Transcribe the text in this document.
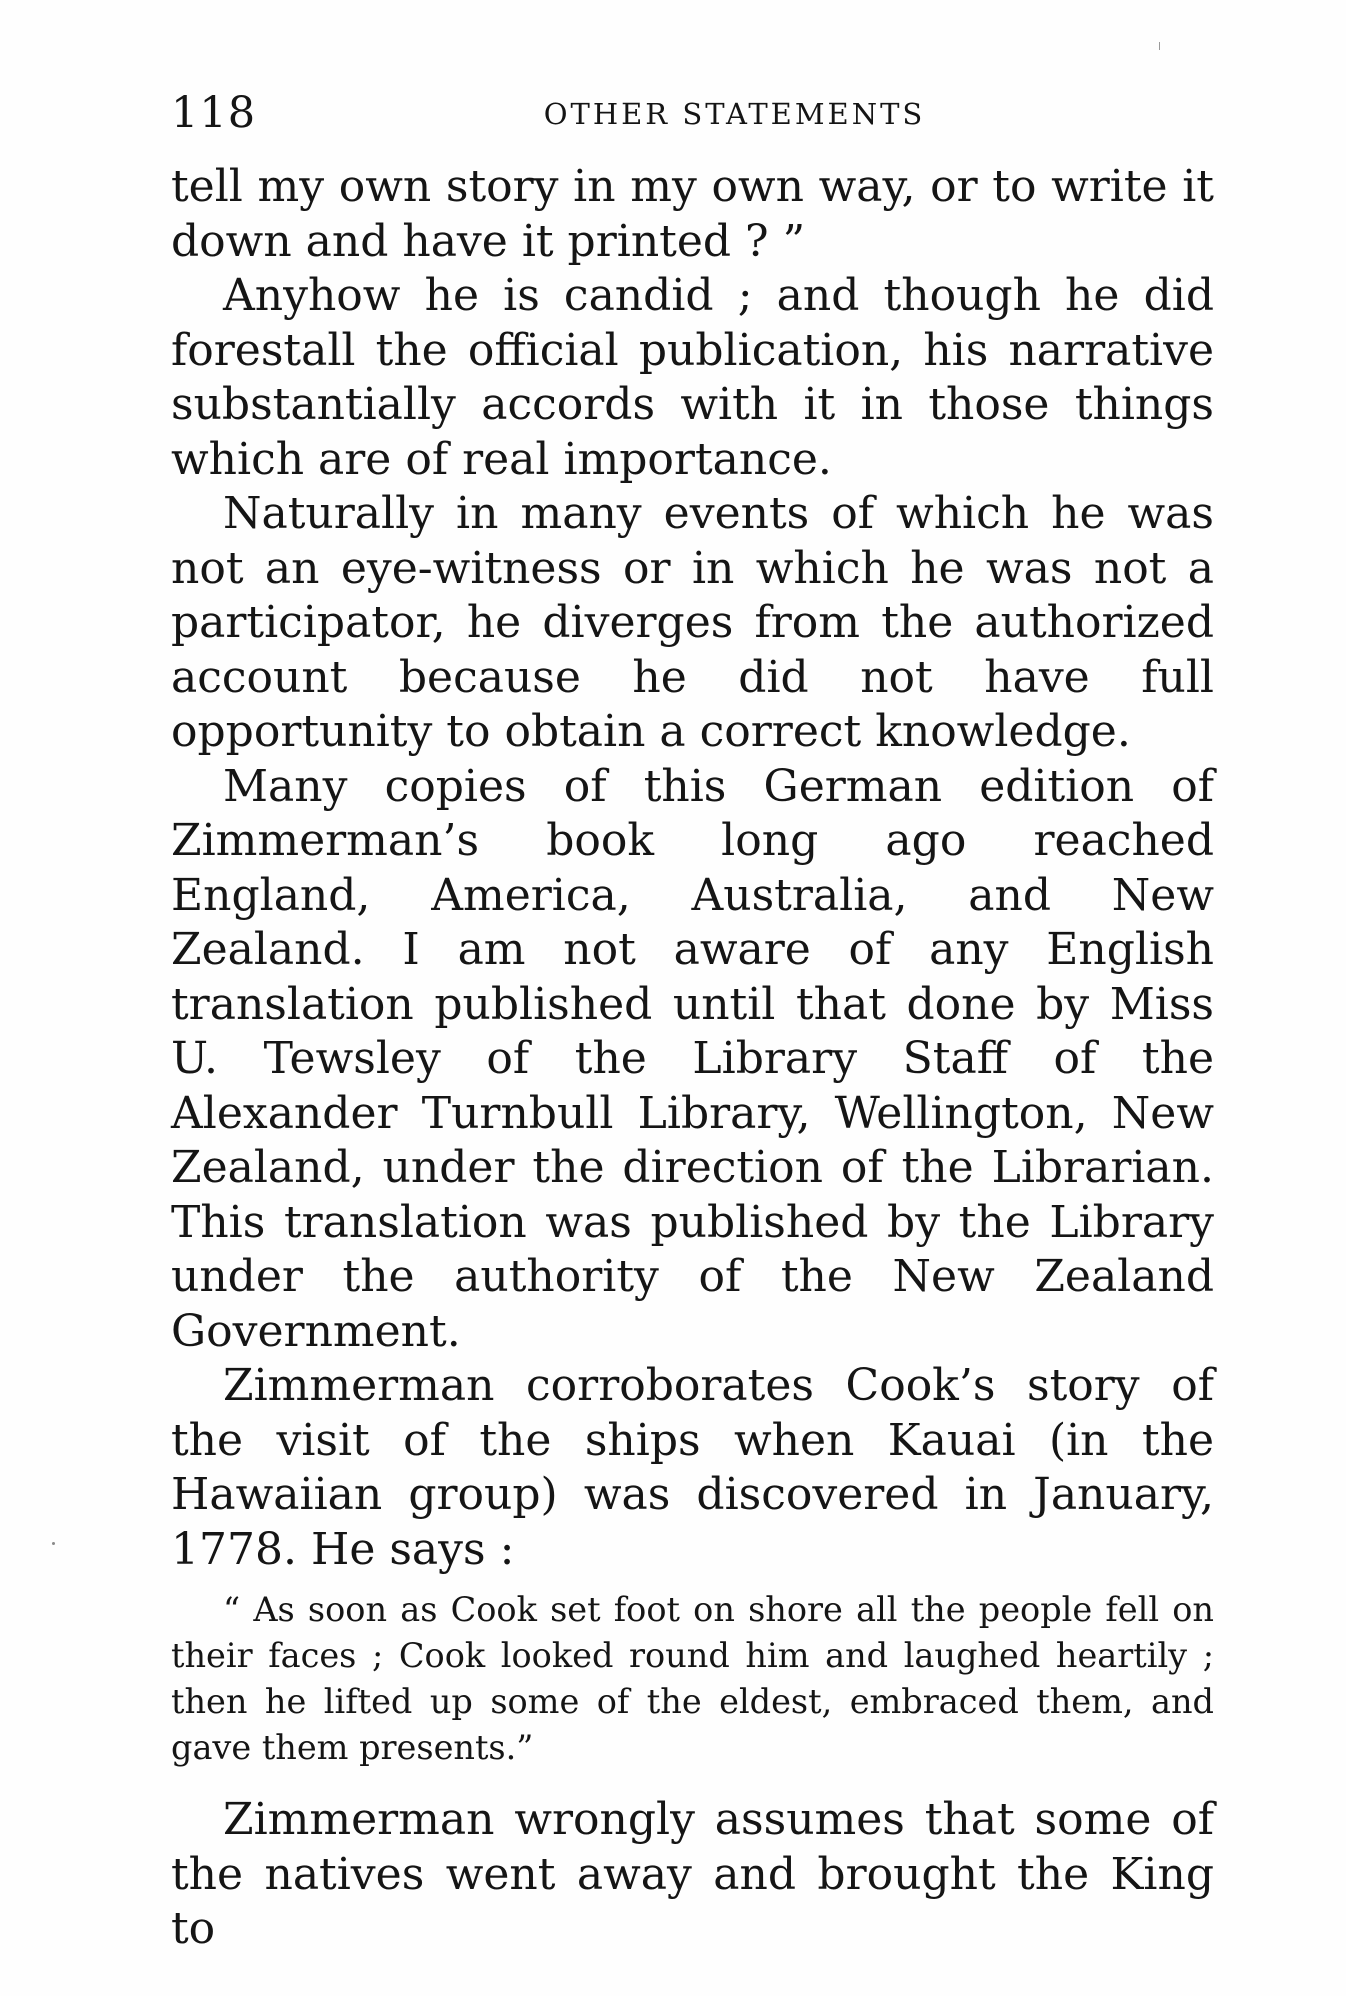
118	OTHER STATEMENTS

tell my own story in my own way, or to write it down and have it printed ? ”

Anyhow he is candid ; and though he did forestall the official publication, his narrative substantially accords with it in those things which are of real importance.

Naturally in many events of which he was not an eye-witness or in which he was not a participator, he diverges from the authorized account because he did not have full opportunity to obtain a correct knowledge.

Many copies of this German edition of Zimmerman’s book long ago reached England, America, Australia, and New Zealand. I am not aware of any English translation published until that done by Miss U. Tewsley of the Library Staff of the Alexander Turnbull Library, Wellington, New Zealand, under the direction of the Librarian. This translation was published by the Library under the authority of the New Zealand Government.

Zimmerman corroborates Cook’s story of the visit of the ships when Kauai (in the Hawaiian group) was discovered in January, 1778. He says :

“ As soon as Cook set foot on shore all the people fell on their faces ; Cook looked round him and laughed heartily ; then he lifted up some of the eldest, embraced them, and gave them presents.”

Zimmerman wrongly assumes that some of the natives went away and brought the King to
